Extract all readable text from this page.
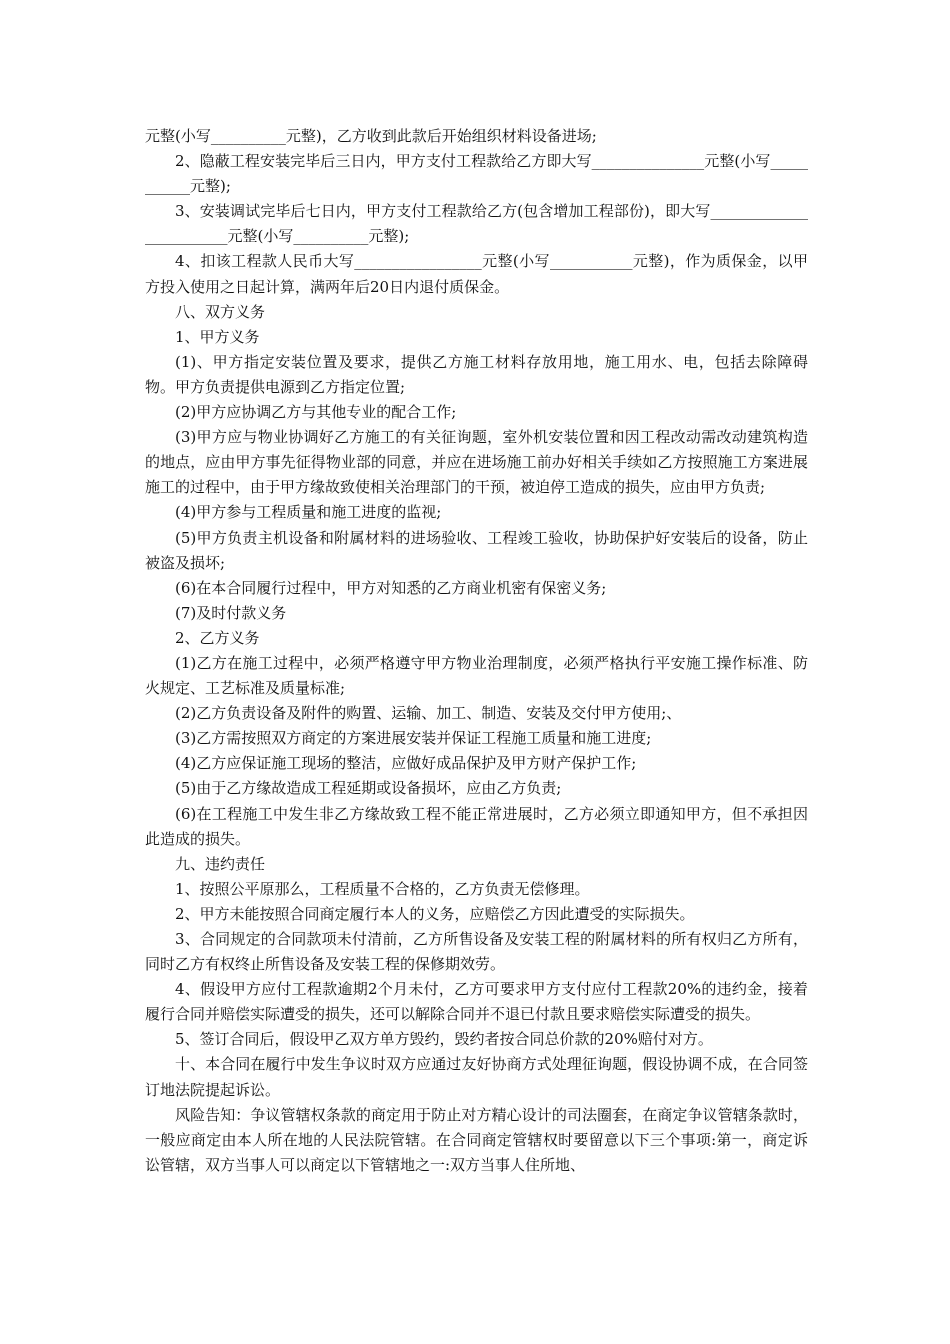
元整(小写__________元整)，乙方收到此款后开始组织材料设备进场;

2、隐蔽工程安装完毕后三日内，甲方支付工程款给乙方即大写_______________元整(小写___________元整);

3、安装调试完毕后七日内，甲方支付工程款给乙方(包含增加工程部份)，即大写________________________元整(小写__________元整);

4、扣该工程款人民币大写_________________元整(小写___________元整)，作为质保金，以甲方投入使用之日起计算，满两年后20日内退付质保金。

八、双方义务

1、甲方义务

(1)、甲方指定安装位置及要求，提供乙方施工材料存放用地，施工用水、电，包括去除障碍物。甲方负责提供电源到乙方指定位置;

(2)甲方应协调乙方与其他专业的配合工作;

(3)甲方应与物业协调好乙方施工的有关征询题，室外机安装位置和因工程改动需改动建筑构造的地点，应由甲方事先征得物业部的同意，并应在进场施工前办好相关手续如乙方按照施工方案进展施工的过程中，由于甲方缘故致使相关治理部门的干预，被迫停工造成的损失，应由甲方负责;

(4)甲方参与工程质量和施工进度的监视;

(5)甲方负责主机设备和附属材料的进场验收、工程竣工验收，协助保护好安装后的设备，防止被盗及损坏;

(6)在本合同履行过程中，甲方对知悉的乙方商业机密有保密义务;

(7)及时付款义务

2、乙方义务

(1)乙方在施工过程中，必须严格遵守甲方物业治理制度，必须严格执行平安施工操作标准、防火规定、工艺标准及质量标准;

(2)乙方负责设备及附件的购置、运输、加工、制造、安装及交付甲方使用;、

(3)乙方需按照双方商定的方案进展安装并保证工程施工质量和施工进度;

(4)乙方应保证施工现场的整洁，应做好成品保护及甲方财产保护工作;

(5)由于乙方缘故造成工程延期或设备损坏，应由乙方负责;

(6)在工程施工中发生非乙方缘故致工程不能正常进展时，乙方必须立即通知甲方，但不承担因此造成的损失。

九、违约责任

1、按照公平原那么，工程质量不合格的，乙方负责无偿修理。

2、甲方未能按照合同商定履行本人的义务，应赔偿乙方因此遭受的实际损失。

3、合同规定的合同款项未付清前，乙方所售设备及安装工程的附属材料的所有权归乙方所有，同时乙方有权终止所售设备及安装工程的保修期效劳。

4、假设甲方应付工程款逾期2个月未付，乙方可要求甲方支付应付工程款20%的违约金，接着履行合同并赔偿实际遭受的损失，还可以解除合同并不退已付款且要求赔偿实际遭受的损失。

5、签订合同后，假设甲乙双方单方毁约，毁约者按合同总价款的20%赔付对方。

十、本合同在履行中发生争议时双方应通过友好协商方式处理征询题，假设协调不成，在合同签订地法院提起诉讼。

风险告知：争议管辖权条款的商定用于防止对方精心设计的司法圈套，在商定争议管辖条款时，一般应商定由本人所在地的人民法院管辖。在合同商定管辖权时要留意以下三个事项:第一，商定诉讼管辖，双方当事人可以商定以下管辖地之一:双方当事人住所地、
